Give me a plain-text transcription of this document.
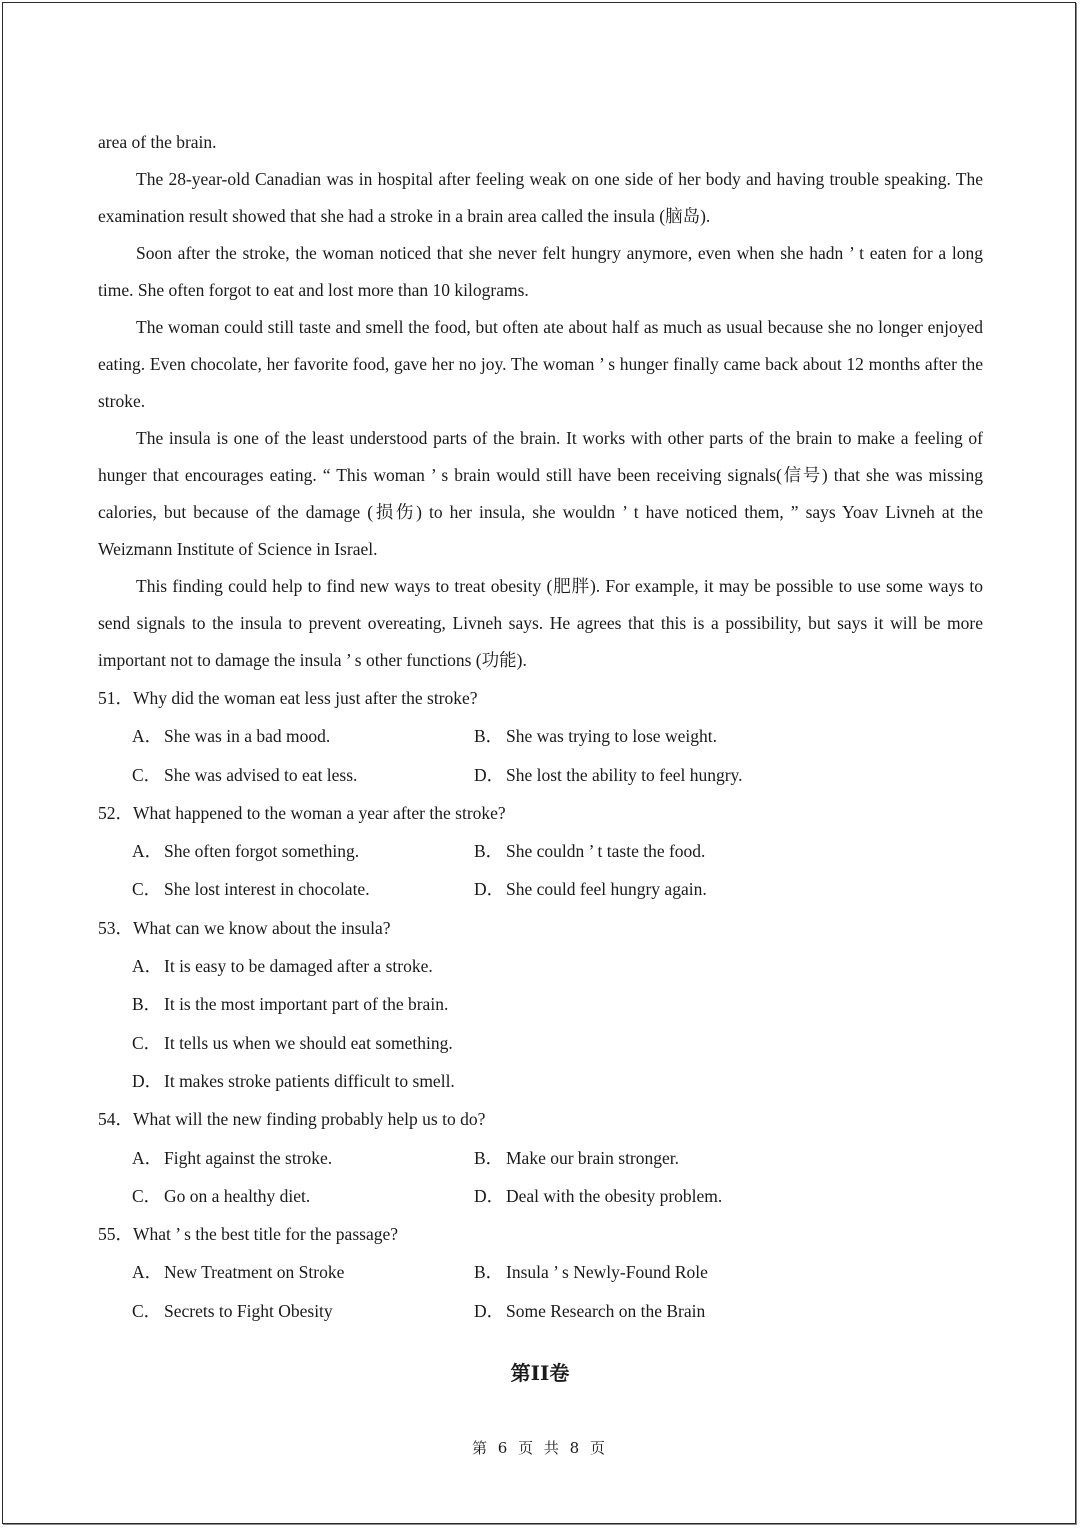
area of the brain.

The 28-year-old Canadian was in hospital after feeling weak on one side of her body and having trouble speaking. The examination result showed that she had a stroke in a brain area called the insula (脑岛).

Soon after the stroke, the woman noticed that she never felt hungry anymore, even when she hadn ’ t eaten for a long time. She often forgot to eat and lost more than 10 kilograms.

The woman could still taste and smell the food, but often ate about half as much as usual because she no longer enjoyed eating. Even chocolate, her favorite food, gave her no joy. The woman ’ s hunger finally came back about 12 months after the stroke.

The insula is one of the least understood parts of the brain. It works with other parts of the brain to make a feeling of hunger that encourages eating. “ This woman ’ s brain would still have been receiving signals(信号) that she was missing calories, but because of the damage (损伤) to her insula, she wouldn ’ t have noticed them, ” says Yoav Livneh at the Weizmann Institute of Science in Israel.

This finding could help to find new ways to treat obesity (肥胖). For example, it may be possible to use some ways to send signals to the insula to prevent overeating, Livneh says. He agrees that this is a possibility, but says it will be more important not to damage the insula ’ s other functions (功能).

51．Why did the woman eat less just after the stroke?
A． She was in a bad mood.	B． She was trying to lose weight.
C． She was advised to eat less.	D． She lost the ability to feel hungry.
52．What happened to the woman a year after the stroke?
A． She often forgot something.	B． She couldn ’ t taste the food.
C． She lost interest in chocolate.	D． She could feel hungry again.
53．What can we know about the insula?
A． It is easy to be damaged after a stroke.
B． It is the most important part of the brain.
C． It tells us when we should eat something.
D． It makes stroke patients difficult to smell.
54．What will the new finding probably help us to do?
A． Fight against the stroke.	B． Make our brain stronger.
C． Go on a healthy diet.	D． Deal with the obesity problem.
55．What ’ s the best title for the passage?
A． New Treatment on Stroke	B． Insula ’ s Newly-Found Role
C． Secrets to Fight Obesity	D． Some Research on the Brain
第II卷
第 6 页 共 8 页
